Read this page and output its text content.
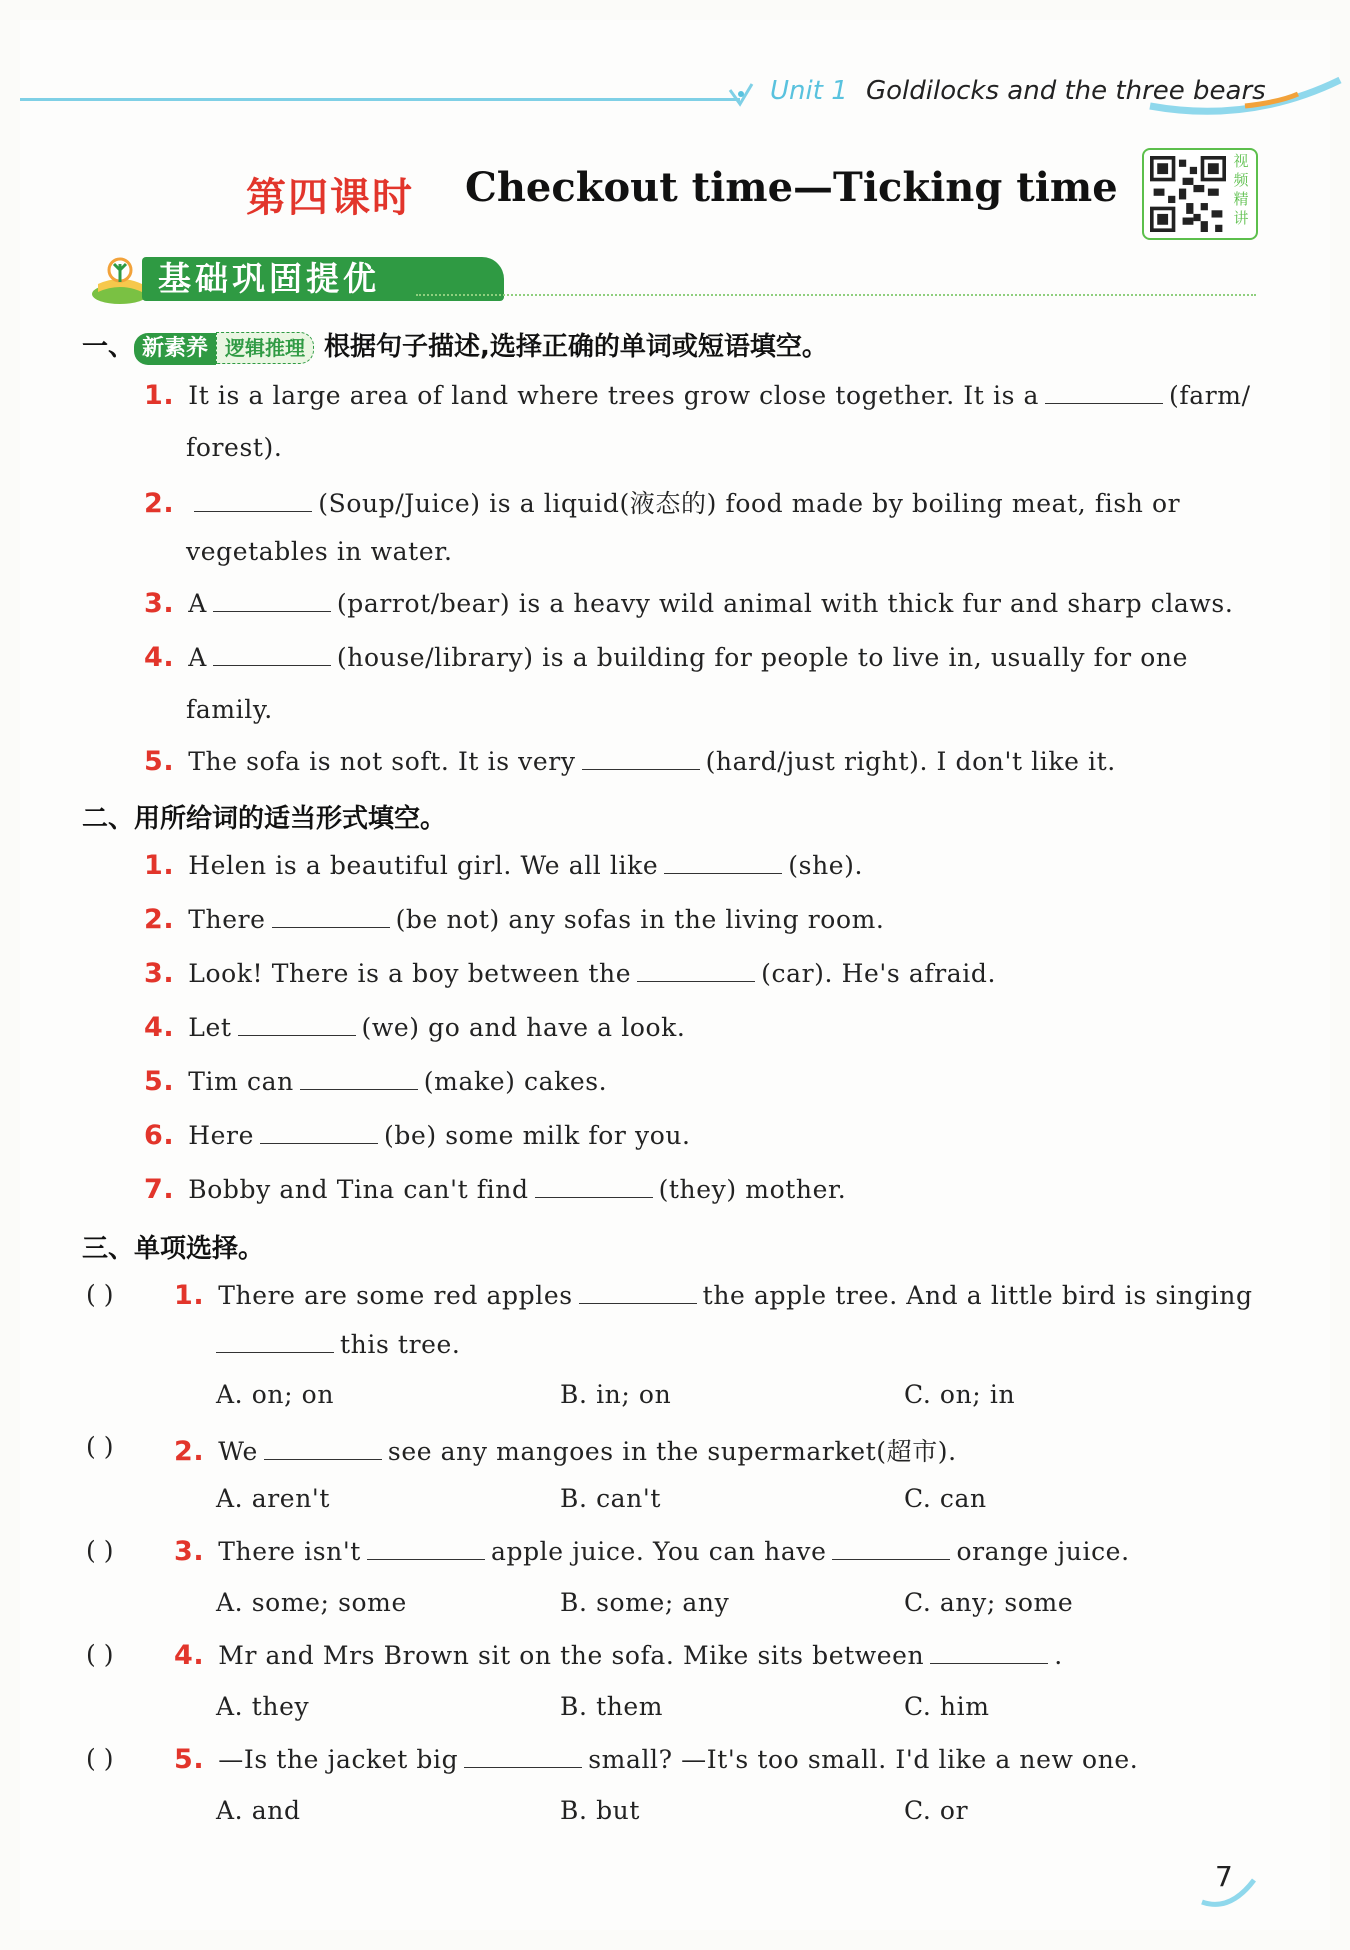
Unit 1 Goldilocks and the three bears
第四课时 Checkout time—Ticking time
视
频
精
讲
基础巩固提优
一、 新素养 逻辑推理 根据句子描述,选择正确的单词或短语填空。
1. It is a large area of land where trees grow close together. It is a	(farm/
forest).
2.	(Soup/Juice) is a liquid(液态的) food made by boiling meat, fish or
vegetables in water.
3. A	(parrot/bear) is a heavy wild animal with thick fur and sharp claws.
4. A	(house/library) is a building for people to live in, usually for one
family.
5. The sofa is not soft. It is very	(hard/just right). I don't like it.
二、用所给词的适当形式填空。
1. Helen is a beautiful girl. We all like	(she).
2. There	(be not) any sofas in the living room.
3. Look! There is a boy between the	(car). He's afraid.
4. Let	(we) go and have a look.
5. Tim can	(make) cakes.
6. Here	(be) some milk for you.
7. Bobby and Tina can't find	(they) mother.
三、单项选择。
( ) 1. There are some red apples	the apple tree. And a little bird is singing
this tree.
A. on; on	B. in; on	C. on; in
( ) 2. We	see any mangoes in the supermarket(超市).
A. aren't	B. can't	C. can
( ) 3. There isn't	apple juice. You can have	orange juice.
A. some; some	B. some; any	C. any; some
( ) 4. Mr and Mrs Brown sit on the sofa. Mike sits between	.
A. they	B. them	C. him
( ) 5. —Is the jacket big	small? —It's too small. I'd like a new one.
A. and	B. but	C. or
7
